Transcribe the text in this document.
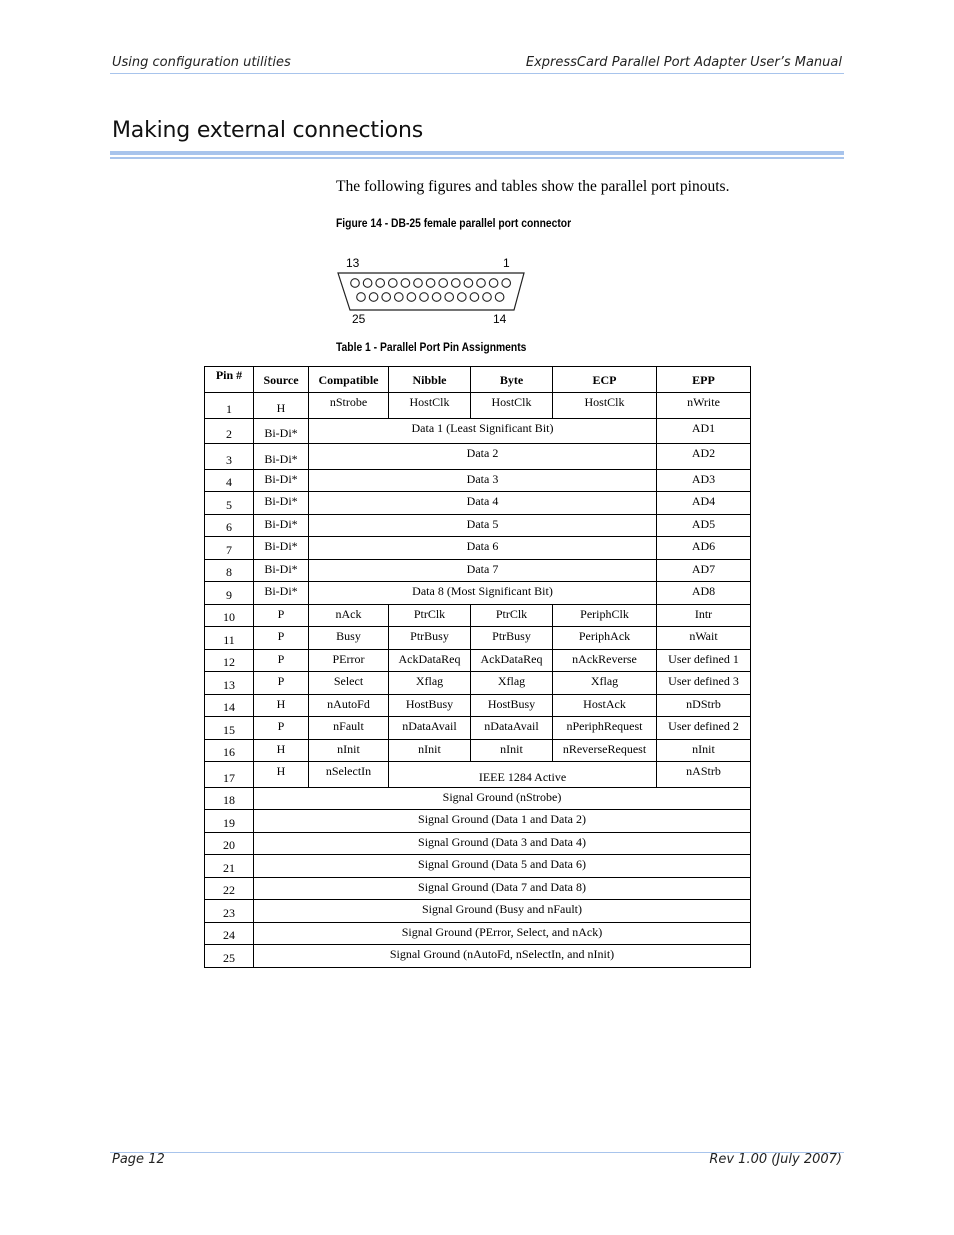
Using configuration utilities	ExpressCard Parallel Port Adapter User’s Manual
Making external connections

The following figures and tables show the parallel port pinouts.

Figure 14 - DB-25 female parallel port connector

13	1
25	14

Table 1 - Parallel Port Pin Assignments

Pin #	Source	Compatible	Nibble	Byte	ECP	EPP
1	H	nStrobe	HostClk	HostClk	HostClk	nWrite
2	Bi-Di*	Data 1 (Least Significant Bit)				AD1
3	Bi-Di*	Data 2				AD2
4	Bi-Di*	Data 3				AD3
5	Bi-Di*	Data 4				AD4
6	Bi-Di*	Data 5				AD5
7	Bi-Di*	Data 6				AD6
8	Bi-Di*	Data 7				AD7
9	Bi-Di*	Data 8 (Most Significant Bit)				AD8
10	P	nAck	PtrClk	PtrClk	PeriphClk	Intr
11	P	Busy	PtrBusy	PtrBusy	PeriphAck	nWait
12	P	PError	AckDataReq	AckDataReq	nAckReverse	User defined 1
13	P	Select	Xflag	Xflag	Xflag	User defined 3
14	H	nAutoFd	HostBusy	HostBusy	HostAck	nDStrb
15	P	nFault	nDataAvail	nDataAvail	nPeriphRequest	User defined 2
16	H	nInit	nInit	nInit	nReverseRequest	nInit
17	H	nSelectIn	IEEE 1284 Active			nAStrb
18	Signal Ground (nStrobe)					
19	Signal Ground (Data 1 and Data 2)					
20	Signal Ground (Data 3 and Data 4)					
21	Signal Ground (Data 5 and Data 6)					
22	Signal Ground (Data 7 and Data 8)					
23	Signal Ground (Busy and nFault)					
24	Signal Ground (PError, Select, and nAck)					
25	Signal Ground (nAutoFd, nSelectIn, and nInit)					
Page 12	Rev 1.00 (July 2007)
